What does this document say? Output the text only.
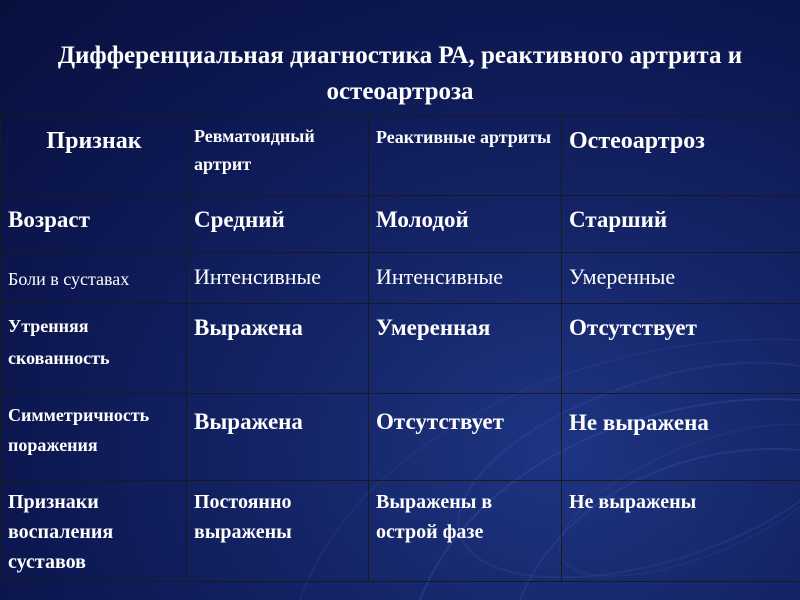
Дифференциальная диагностика РА, реактивного артрита и остеоартроза
Признак	Ревматоидный артрит	Реактивные артриты	Остеоартроз
Возраст	Средний	Молодой	Старший
Боли в суставах	Интенсивные	Интенсивные	Умеренные
Утренняя скованность	Выражена	Умеренная	Отсутствует
Симметричность поражения	Выражена	Отсутствует	Не выражена
Признаки воспаления суставов	Постоянно выражены	Выражены в острой фазе	Не выражены
